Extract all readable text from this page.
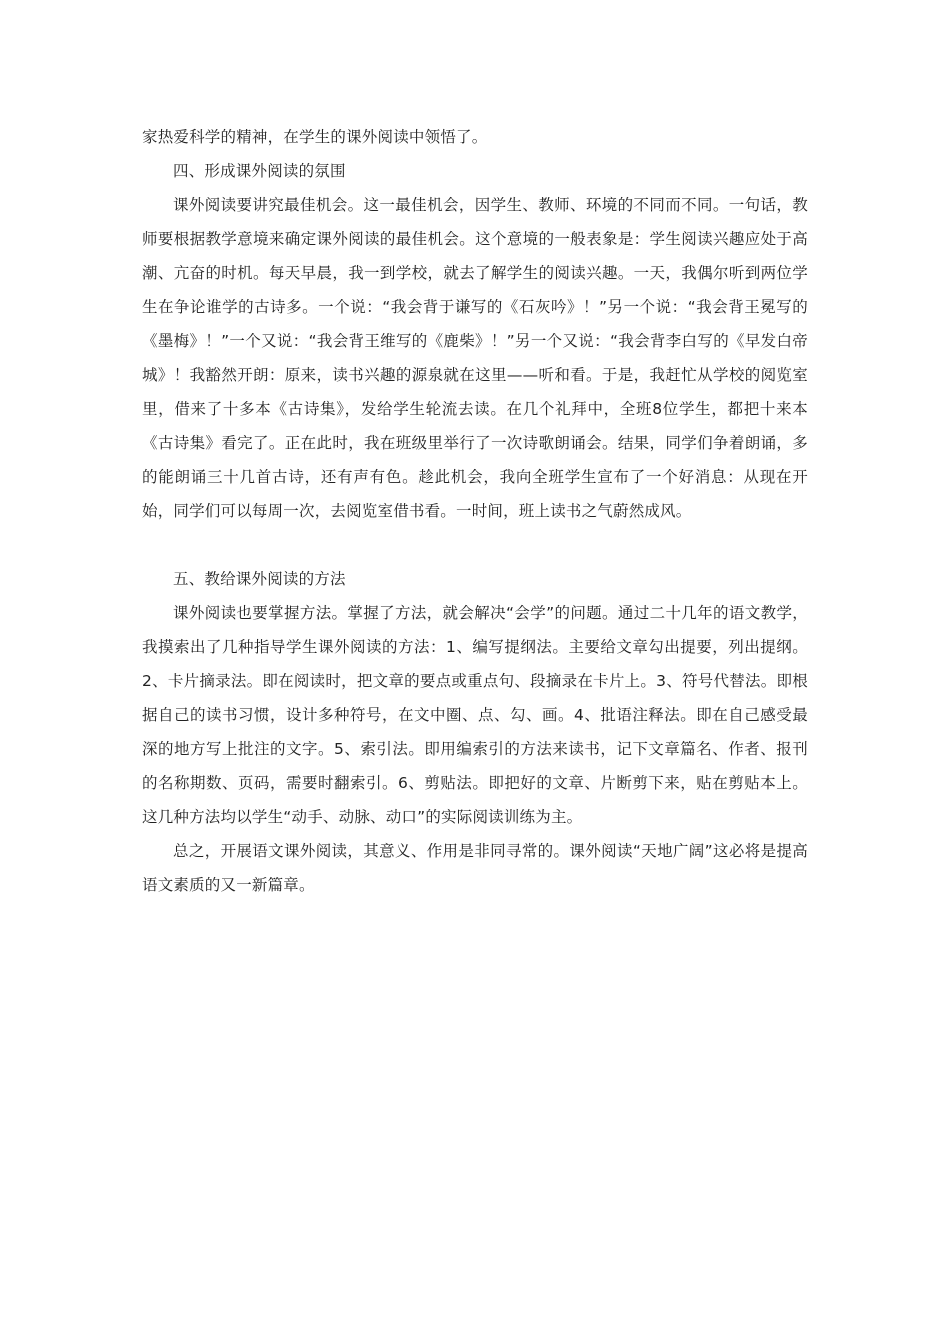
家热爱科学的精神，在学生的课外阅读中领悟了。

四、形成课外阅读的氛围

课外阅读要讲究最佳机会。这一最佳机会，因学生、教师、环境的不同而不同。一句话，教师要根据教学意境来确定课外阅读的最佳机会。这个意境的一般表象是：学生阅读兴趣应处于高潮、亢奋的时机。每天早晨，我一到学校，就去了解学生的阅读兴趣。一天，我偶尔听到两位学生在争论谁学的古诗多。一个说：“我会背于谦写的《石灰吟》！”另一个说：“我会背王冕写的《墨梅》！”一个又说：“我会背王维写的《鹿柴》！”另一个又说：“我会背李白写的《早发白帝城》！我豁然开朗：原来，读书兴趣的源泉就在这里——听和看。于是，我赶忙从学校的阅览室里，借来了十多本《古诗集》，发给学生轮流去读。在几个礼拜中，全班8位学生，都把十来本《古诗集》看完了。正在此时，我在班级里举行了一次诗歌朗诵会。结果，同学们争着朗诵，多的能朗诵三十几首古诗，还有声有色。趁此机会，我向全班学生宣布了一个好消息：从现在开始，同学们可以每周一次，去阅览室借书看。一时间，班上读书之气蔚然成风。

五、教给课外阅读的方法

课外阅读也要掌握方法。掌握了方法，就会解决“会学”的问题。通过二十几年的语文教学，我摸索出了几种指导学生课外阅读的方法：1、编写提纲法。主要给文章勾出提要，列出提纲。2、卡片摘录法。即在阅读时，把文章的要点或重点句、段摘录在卡片上。3、符号代替法。即根据自己的读书习惯，设计多种符号，在文中圈、点、勾、画。4、批语注释法。即在自己感受最深的地方写上批注的文字。5、索引法。即用编索引的方法来读书，记下文章篇名、作者、报刊的名称期数、页码，需要时翻索引。6、剪贴法。即把好的文章、片断剪下来，贴在剪贴本上。这几种方法均以学生“动手、动脉、动口”的实际阅读训练为主。

总之，开展语文课外阅读，其意义、作用是非同寻常的。课外阅读“天地广阔”这必将是提高语文素质的又一新篇章。
